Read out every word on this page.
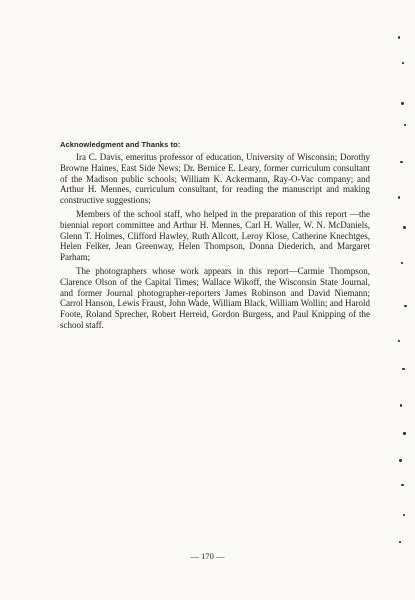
Acknowledgment and Thanks to:

Ira C. Davis, emeritus professor of education, University of Wisconsin; Dorothy Browne Haines, East Side News; Dr. Bernice E. Leary, former curriculum consultant of the Madison public schools; William K. Ackermann, Ray-O-Vac company; and Arthur H. Mennes, curriculum consultant, for reading the manuscript and making constructive suggestions;

Members of the school staff, who helped in the preparation of this report —the biennial report committee and Arthur H. Mennes, Carl H. Waller, W. N. McDaniels, Glenn T. Holmes, Clifford Hawley, Ruth Allcott, Leroy Klose, Catherine Knechtges, Helen Felker, Jean Greenway, Helen Thompson, Donna Diederich, and Margaret Parham;

The photographers whose work appears in this report—Carmie Thompson, Clarence Olson of the Capital Times; Wallace Wikoff, the Wisconsin State Journal, and former Journal photographer-reporters James Robinson and David Niemann; Carrol Hanson, Lewis Fraust, John Wade, William Black, William Wollin; and Harold Foote, Roland Sprecher, Robert Herreid, Gordon Burgess, and Paul Knipping of the school staff.

— 170 —
